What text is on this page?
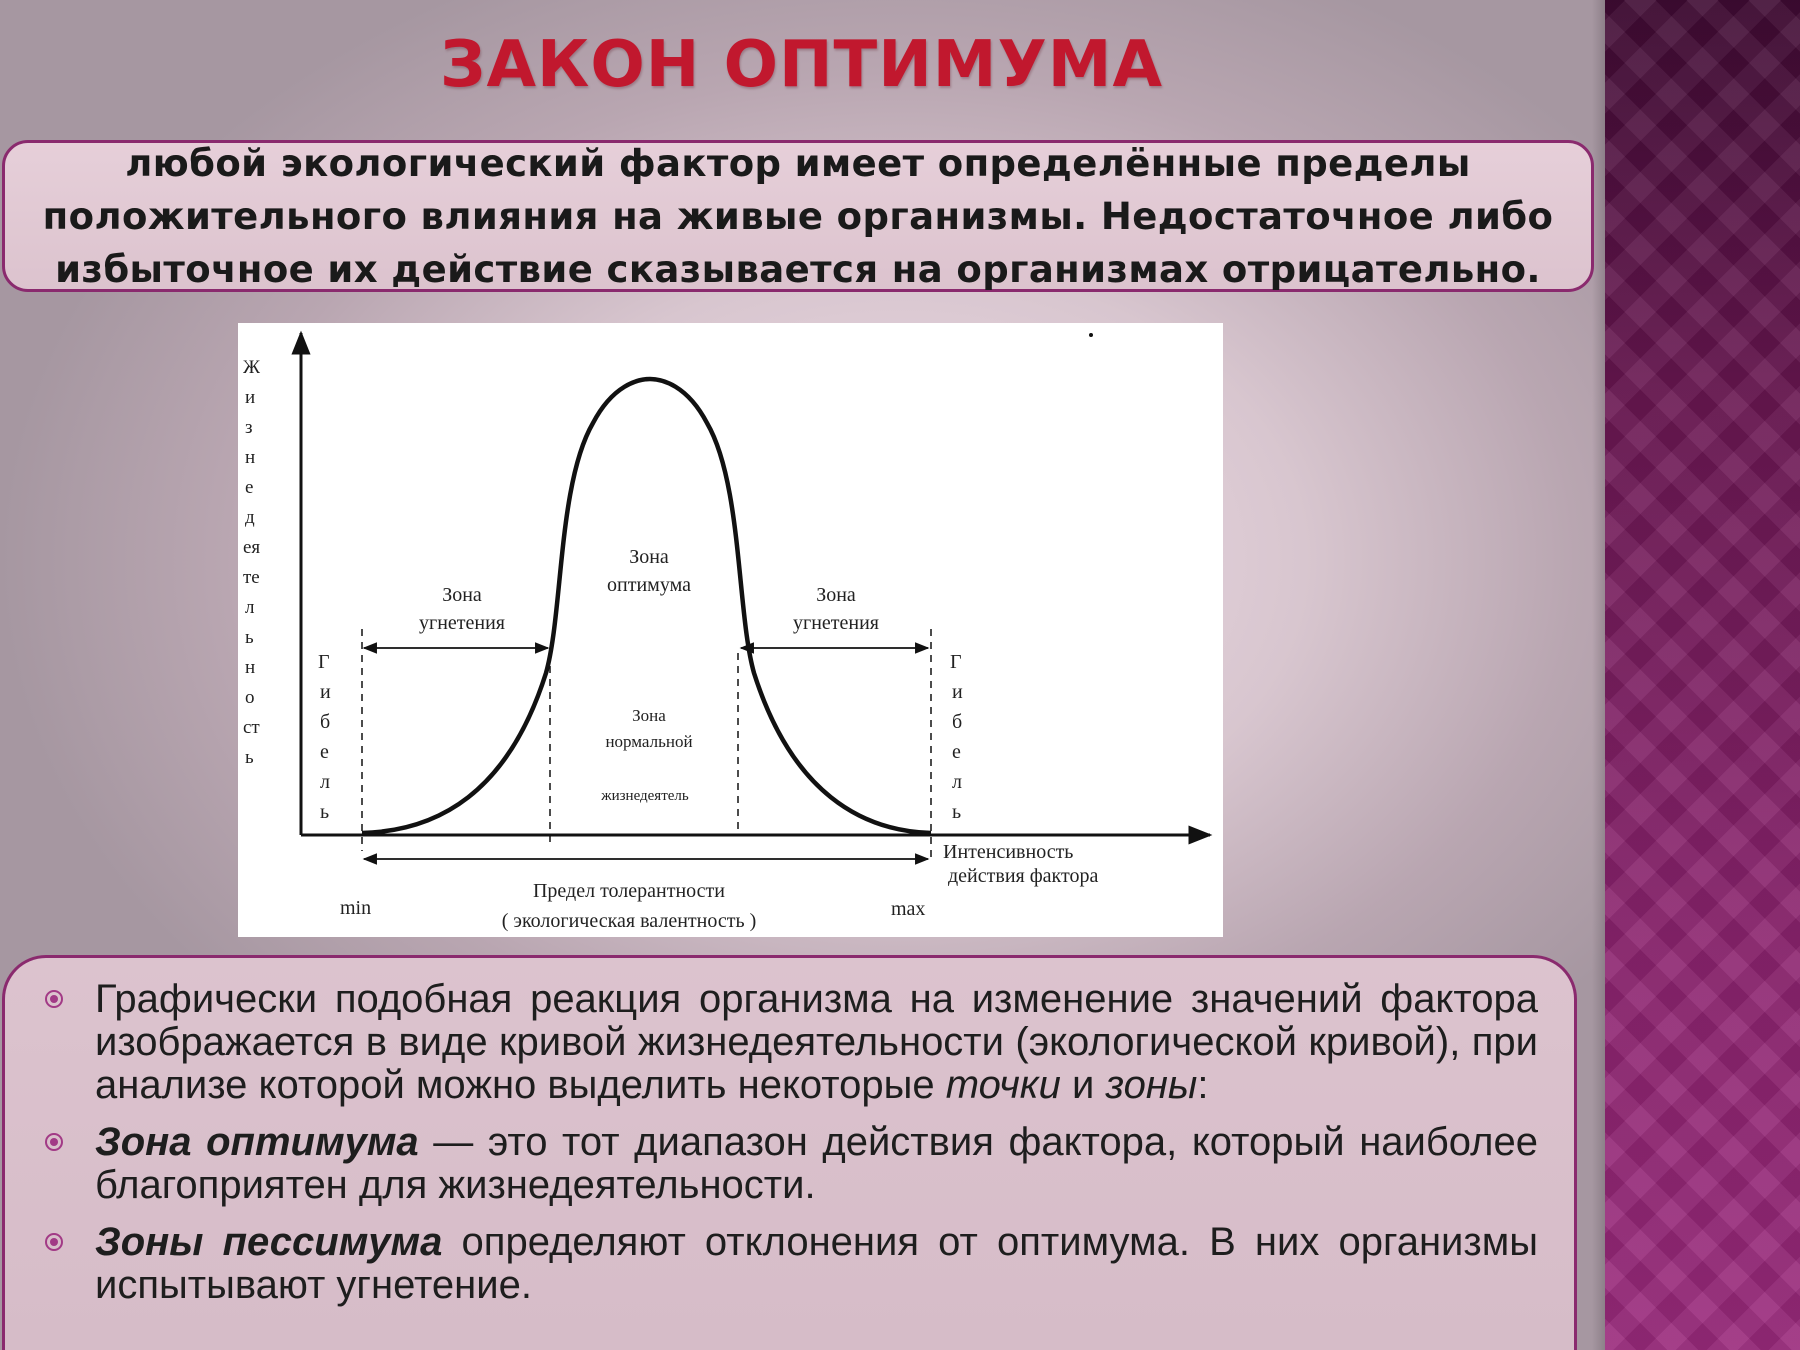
ЗАКОН ОПТИМУМА

любой экологический фактор имеет определённые пределы
положительного влияния на живые организмы. Недостаточное либо
избыточное их действие сказывается на организмах отрицательно.

Ж
и
з
н
е
д
ея
те
л
ь
н
о
ст
ь
Г
и
б
е
л
ь
Г
и
б
е
л
ь
Зона
угнетения
Зона
угнетения
Зона
оптимума
Зона
нормальной
жизнедеятель
Интенсивность
действия фактора
min	max
Предел толерантности
( экологическая валентность )
Графически подобная реакция организма на изменение значений фактора изображается в виде кривой жизнедеятельности (экологической кривой), при анализе которой можно выделить некоторые точки и зоны:
Зона оптимума — это тот диапазон действия фактора, который наиболее благоприятен для жизнедеятельности.
Зоны пессимума определяют отклонения от оптимума. В них организмы испытывают угнетение.
